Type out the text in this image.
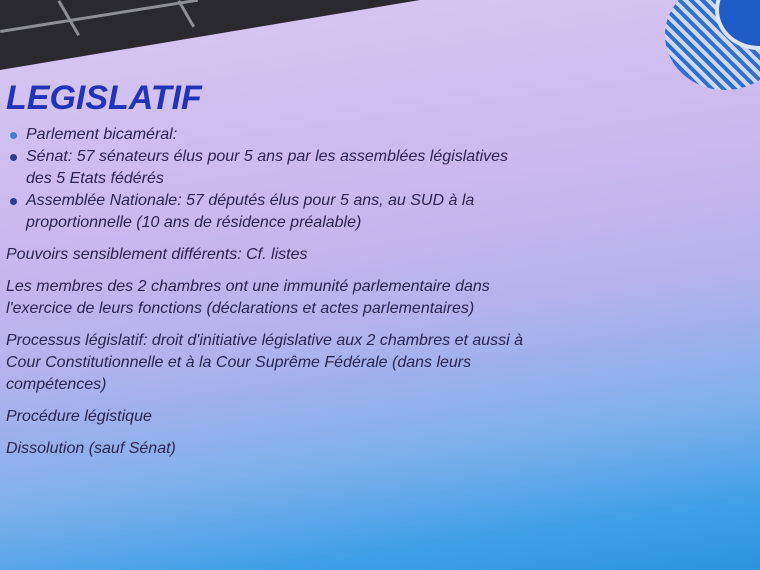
LEGISLATIF
Parlement bicaméral:
Sénat: 57 sénateurs élus pour 5 ans par les assemblées législatives
des 5 Etats fédérés
Assemblée Nationale: 57 députés élus pour 5 ans, au SUD à la
proportionnelle (10 ans de résidence préalable)
Pouvoirs sensiblement différents: Cf. listes
Les membres des 2 chambres ont une immunité parlementaire dans
l'exercice de leurs fonctions (déclarations et actes parlementaires)
Processus législatif: droit d'initiative législative aux 2 chambres et aussi à
Cour Constitutionnelle et à la Cour Suprême Fédérale (dans leurs
compétences)
Procédure légistique
Dissolution (sauf Sénat)
